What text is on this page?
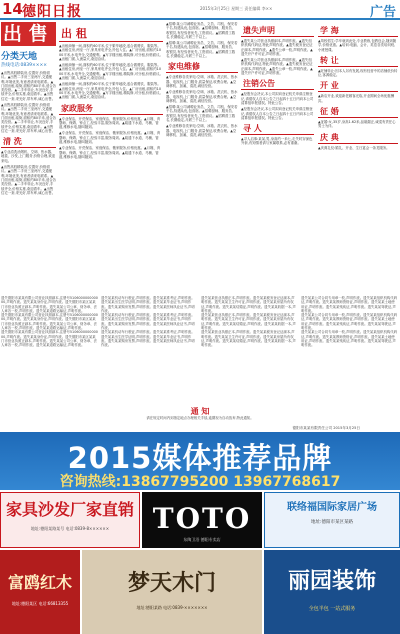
14 德阳日报	2015年3月25日 星期三 责任编辑 李××	广告
出 售
分类天地
热线电话:0839××××
▲出售高档精装房,位置好,价格面议。▲出售二手房三室两厅,交通便利,环境优美,有意者请来电联系。▲门面出租,临街,面积约80平米,适合各类经营。▲二手车转让,车况良好,手续齐全,价格实惠,欢迎看车。▲出售住宅一套,采光好,带车库,诚心出售。
▲出售高档精装房,位置好,价格面议。▲出售二手房三室两厅,交通便利,环境优美,有意者请来电联系。▲门面出租,临街,面积约80平米,适合各类经营。▲二手车转让,车况良好,手续齐全,价格实惠,欢迎看车。▲出售住宅一套,采光好,带车库,诚心出售。
清 洗
▲专业清洗油烟机、空调、热水器、地毯、沙发,上门服务,价格合理,欢迎来电。
▲出售高档精装房,位置好,价格面议。▲出售二手房三室两厅,交通便利,环境优美,有意者请来电联系。▲门面出租,临街,面积约80平米,适合各类经营。▲二手车转让,车况良好,手续齐全,价格实惠,欢迎看车。▲出售住宅一套,采光好,带车库,诚心出售。
出 租
▲出租商铺一间,面积约60平米,位于繁华地段,适合做餐饮、服装等。▲出租住房,两室一厅,家具家电齐全,拎包入住。▲厂房出租,面积约1000平米,水电齐全,交通便利。▲写字楼出租,精装修,可分租,价格面议。▲出租门面,人流量大,欢迎洽谈。
▲出租商铺一间,面积约60平米,位于繁华地段,适合做餐饮、服装等。▲出租住房,两室一厅,家具家电齐全,拎包入住。▲厂房出租,面积约1000平米,水电齐全,交通便利。▲写字楼出租,精装修,可分租,价格面议。▲出租门面,人流量大,欢迎洽谈。
▲出租商铺一间,面积约60平米,位于繁华地段,适合做餐饮、服装等。▲出租住房,两室一厅,家具家电齐全,拎包入住。▲厂房出租,面积约1000平米,水电齐全,交通便利。▲写字楼出租,精装修,可分租,价格面议。▲出租门面,人流量大,欢迎洽谈。
家政服务
▲专业保洁、开荒保洁、家庭保洁、搬家服务,价格优惠。▲月嫂、育婴师、保姆、钟点工,经验丰富,服务周到。▲疏通下水道、马桶、管道,维修水电,随叫随到。
▲专业保洁、开荒保洁、家庭保洁、搬家服务,价格优惠。▲月嫂、育婴师、保姆、钟点工,经验丰富,服务周到。▲疏通下水道、马桶、管道,维修水电,随叫随到。
▲专业保洁、开荒保洁、家庭保洁、搬家服务,价格优惠。▲月嫂、育婴师、保姆、钟点工,经验丰富,服务周到。▲疏通下水道、马桶、管道,维修水电,随叫随到。
▲招聘:某公司诚聘业务员、文员、司机、保安若干名,待遇从优,包食宿。▲招聘厨师、服务员、收银员,有经验者优先,工资面议。▲招聘普工数名,长期稳定,月薪三千以上。
▲招聘:某公司诚聘业务员、文员、司机、保安若干名,待遇从优,包食宿。▲招聘厨师、服务员、收银员,有经验者优先,工资面议。▲招聘普工数名,长期稳定,月薪三千以上。
家电维修
▲专业维修各类家电:空调、冰箱、洗衣机、热水器、电视机,上门服务,质量保证,收费合理。▲空调移机、加氟、清洗,诚信经营。
▲专业维修各类家电:空调、冰箱、洗衣机、热水器、电视机,上门服务,质量保证,收费合理。▲空调移机、加氟、清洗,诚信经营。
▲招聘:某公司诚聘业务员、文员、司机、保安若干名,待遇从优,包食宿。▲招聘厨师、服务员、收银员,有经验者优先,工资面议。▲招聘普工数名,长期稳定,月薪三千以上。
▲专业维修各类家电:空调、冰箱、洗衣机、热水器、电视机,上门服务,质量保证,收费合理。▲空调移机、加氟、清洗,诚信经营。
遗失声明
▲遗失某公司营业执照副本,声明作废。▲遗失组织机构代码证,特此声明作废。▲遗失税务登记证正副本,声明作废。▲遗失公章一枚,声明作废。▲遗失开户许可证,声明作废。
▲遗失某公司营业执照副本,声明作废。▲遗失组织机构代码证,特此声明作废。▲遗失税务登记证正副本,声明作废。▲遗失公章一枚,声明作废。▲遗失开户许可证,声明作废。
注销公告
▲经股东会决议,本公司拟向登记机关申请注销登记,请债权人自本公告之日起四十五日内向本公司清算组申报债权。特此公告。
▲经股东会决议,本公司拟向登记机关申请注销登记,请债权人自本公告之日起四十五日内向本公司清算组申报债权。特此公告。
寻 人
▲寻人启事:某某,男,身高约一米七,走失时穿深色外套,有知情者请与家属联系,必有重谢。
学 海
▲驾校招生:学车就到此处,专业教练,包教包会,随到随学,价格优惠。▲培训:电脑、会计、英语各类培训班,小班授课。
转 让
▲旺铺转让:因本人另有发展,现有经营中的店铺低价转让,客源稳定。
开 业
▲新店开业,欢迎新老顾客光临,开业期间全场优惠酬宾。
征 婚
▲征婚:女,35岁,身高1.62米,品貌端正,诚觅有责任心男士为伴。
庆 典
▲庆典礼仪:婚礼、开业、生日宴会一条龙服务。
遗失德阳市某某有限公司营业执照副本,注册号510600000000000,声明作废。遗失某某身份证,声明作废。遗失德阳市某区某某门市营业执照正副本,声明作废。遗失某某公司公章、财务章、法人章各一枚,声明作废。遗失某某道路运输证,声明作废。
遗失德阳市某某有限公司营业执照副本,注册号510600000000000,声明作废。遗失某某身份证,声明作废。遗失德阳市某区某某门市营业执照正副本,声明作废。遗失某某公司公章、财务章、法人章各一枚,声明作废。遗失某某道路运输证,声明作废。
遗失德阳市某某有限公司营业执照副本,注册号510600000000000,声明作废。遗失某某身份证,声明作废。遗失德阳市某区某某门市营业执照正副本,声明作废。遗失某某公司公章、财务章、法人章各一枚,声明作废。遗失某某道路运输证,声明作废。
遗失某某机动车行驶证,声明作废。遗失某某准考证,声明作废。遗失某某出生医学证明,声明作废。遗失某某毕业证书,声明作废。遗失某某购房发票,声明作废。遗失某某医师执业证书,声明作废。
遗失某某机动车行驶证,声明作废。遗失某某准考证,声明作废。遗失某某出生医学证明,声明作废。遗失某某毕业证书,声明作废。遗失某某购房发票,声明作废。遗失某某医师执业证书,声明作废。
遗失某某机动车行驶证,声明作废。遗失某某准考证,声明作废。遗失某某出生医学证明,声明作废。遗失某某毕业证书,声明作废。遗失某某购房发票,声明作废。遗失某某医师执业证书,声明作废。
遗失某某营业执照正本,声明作废。遗失某某税务登记证副本,声明作废。遗失某某卫生许可证,声明作废。遗失某某房屋所有权证,声明作废。遗失某某结婚证,声明作废。遗失某某收据一本,声明作废。
遗失某某营业执照正本,声明作废。遗失某某税务登记证副本,声明作废。遗失某某卫生许可证,声明作废。遗失某某房屋所有权证,声明作废。遗失某某结婚证,声明作废。遗失某某收据一本,声明作废。
遗失某某营业执照正本,声明作废。遗失某某税务登记证副本,声明作废。遗失某某卫生许可证,声明作废。遗失某某房屋所有权证,声明作废。遗失某某结婚证,声明作废。遗失某某收据一本,声明作废。
遗失某某公司合同专用章一枚,声明作废。遗失某某组织机构代码证,声明作废。遗失某某教师资格证,声明作废。遗失某某土地使用证,声明作废。遗失某某残疾证,声明作废。遗失某某驾驶证,声明作废。
遗失某某公司合同专用章一枚,声明作废。遗失某某组织机构代码证,声明作废。遗失某某教师资格证,声明作废。遗失某某土地使用证,声明作废。遗失某某残疾证,声明作废。遗失某某驾驶证,声明作废。
遗失某某公司合同专用章一枚,声明作废。遗失某某组织机构代码证,声明作废。遗失某某教师资格证,声明作废。遗失某某土地使用证,声明作废。遗失某某残疾证,声明作废。遗失某某驾驶证,声明作废。
通 知
请在规定时间内到指定地点办理相关手续,逾期视为自动放弃,特此通知。
德阳市某某有限责任公司 2015年3月25日
2015媒体推荐品牌
咨询热线:13867795200 13967768617
家具沙发厂家直销
地址:德阳某路某号 电话:0839-8××××××	TOTO
东陶卫浴 德阳专卖店
联络福国际家居广场
地址:德阳市某区某路
富鸥红木
地址:德阳某区 电话:66813355
梦天木门
地址:德阳某路 电话:0839-×××××××
丽园装饰
全包半包 一站式服务
